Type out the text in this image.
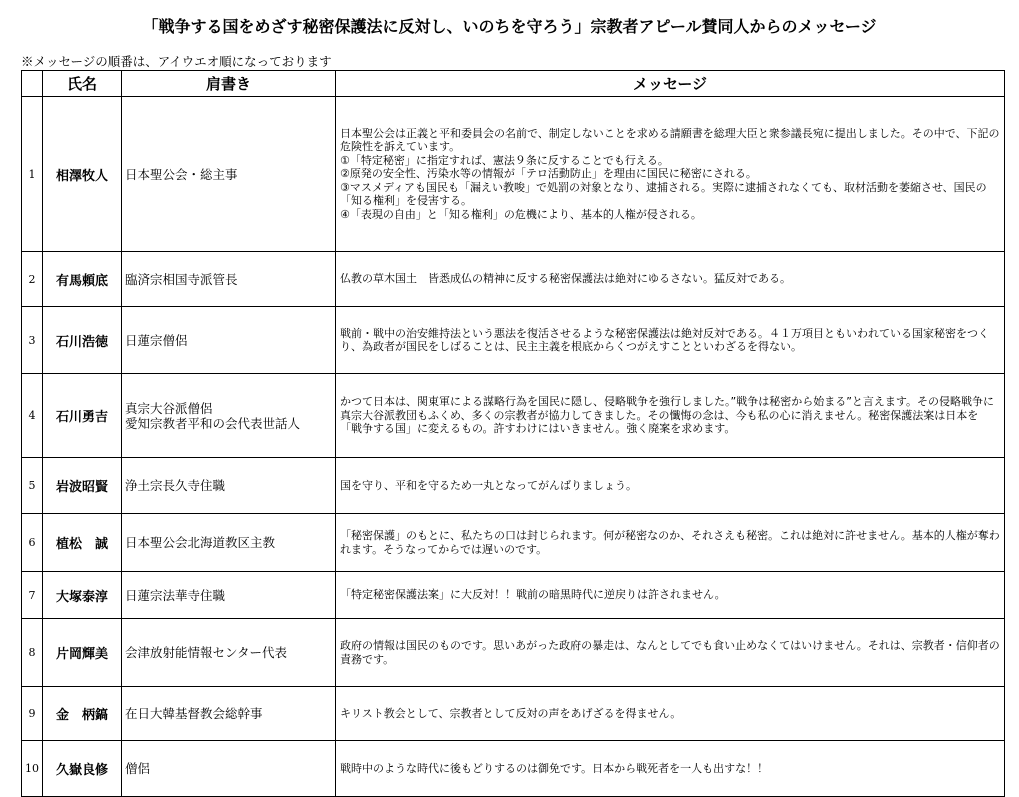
「戦争する国をめざす秘密保護法に反対し、いのちを守ろう」宗教者アピール賛同人からのメッセージ
※メッセージの順番は、アイウエオ順になっております
	氏名	肩書き	メッセージ
1	相澤牧人	日本聖公会・総主事	日本聖公会は正義と平和委員会の名前で、制定しないことを求める請願書を総理大臣と衆参議長宛に提出しました。その中で、下記の危険性を訴えています。
①「特定秘密」に指定すれば、憲法９条に反することでも行える。
②原発の安全性、汚染水等の情報が「テロ活動防止」を理由に国民に秘密にされる。
③マスメディアも国民も「漏えい教唆」で処罰の対象となり、逮捕される。実際に逮捕されなくても、取材活動を萎縮させ、国民の「知る権利」を侵害する。
④「表現の自由」と「知る権利」の危機により、基本的人権が侵される。

2	有馬頼底	臨済宗相国寺派管長	仏教の草木国土　皆悉成仏の精神に反する秘密保護法は絶対にゆるさない。猛反対である。

3	石川浩徳	日蓮宗僧侶	戦前・戦中の治安維持法という悪法を復活させるような秘密保護法は絶対反対である。４１万項目ともいわれている国家秘密をつくり、為政者が国民をしばることは、民主主義を根底からくつがえすことといわざるを得ない。

4	石川勇吉	真宗大谷派僧侶
愛知宗教者平和の会代表世話人	かつて日本は、関東軍による謀略行為を国民に隠し、侵略戦争を強行しました。”戦争は秘密から始まる”と言えます。その侵略戦争に真宗大谷派教団もふくめ、多くの宗教者が協力してきました。その懺悔の念は、今も私の心に消えません。秘密保護法案は日本を「戦争する国」に変えるもの。許すわけにはいきません。強く廃案を求めます。

5	岩波昭賢	浄土宗長久寺住職	国を守り、平和を守るため一丸となってがんばりましょう。

6	植松　誠	日本聖公会北海道教区主教	「秘密保護」のもとに、私たちの口は封じられます。何が秘密なのか、それさえも秘密。これは絶対に許せません。基本的人権が奪われます。そうなってからでは遅いのです。

7	大塚泰淳	日蓮宗法華寺住職	「特定秘密保護法案」に大反対！！戦前の暗黒時代に逆戻りは許されません。

8	片岡輝美	会津放射能情報センター代表	政府の情報は国民のものです。思いあがった政府の暴走は、なんとしてでも食い止めなくてはいけません。それは、宗教者・信仰者の責務です。

9	金　柄鎬	在日大韓基督教会総幹事	キリスト教会として、宗教者として反対の声をあげざるを得ません。

10	久嶽良修	僧侶	戦時中のような時代に後もどりするのは御免です。日本から戦死者を一人も出すな！！
